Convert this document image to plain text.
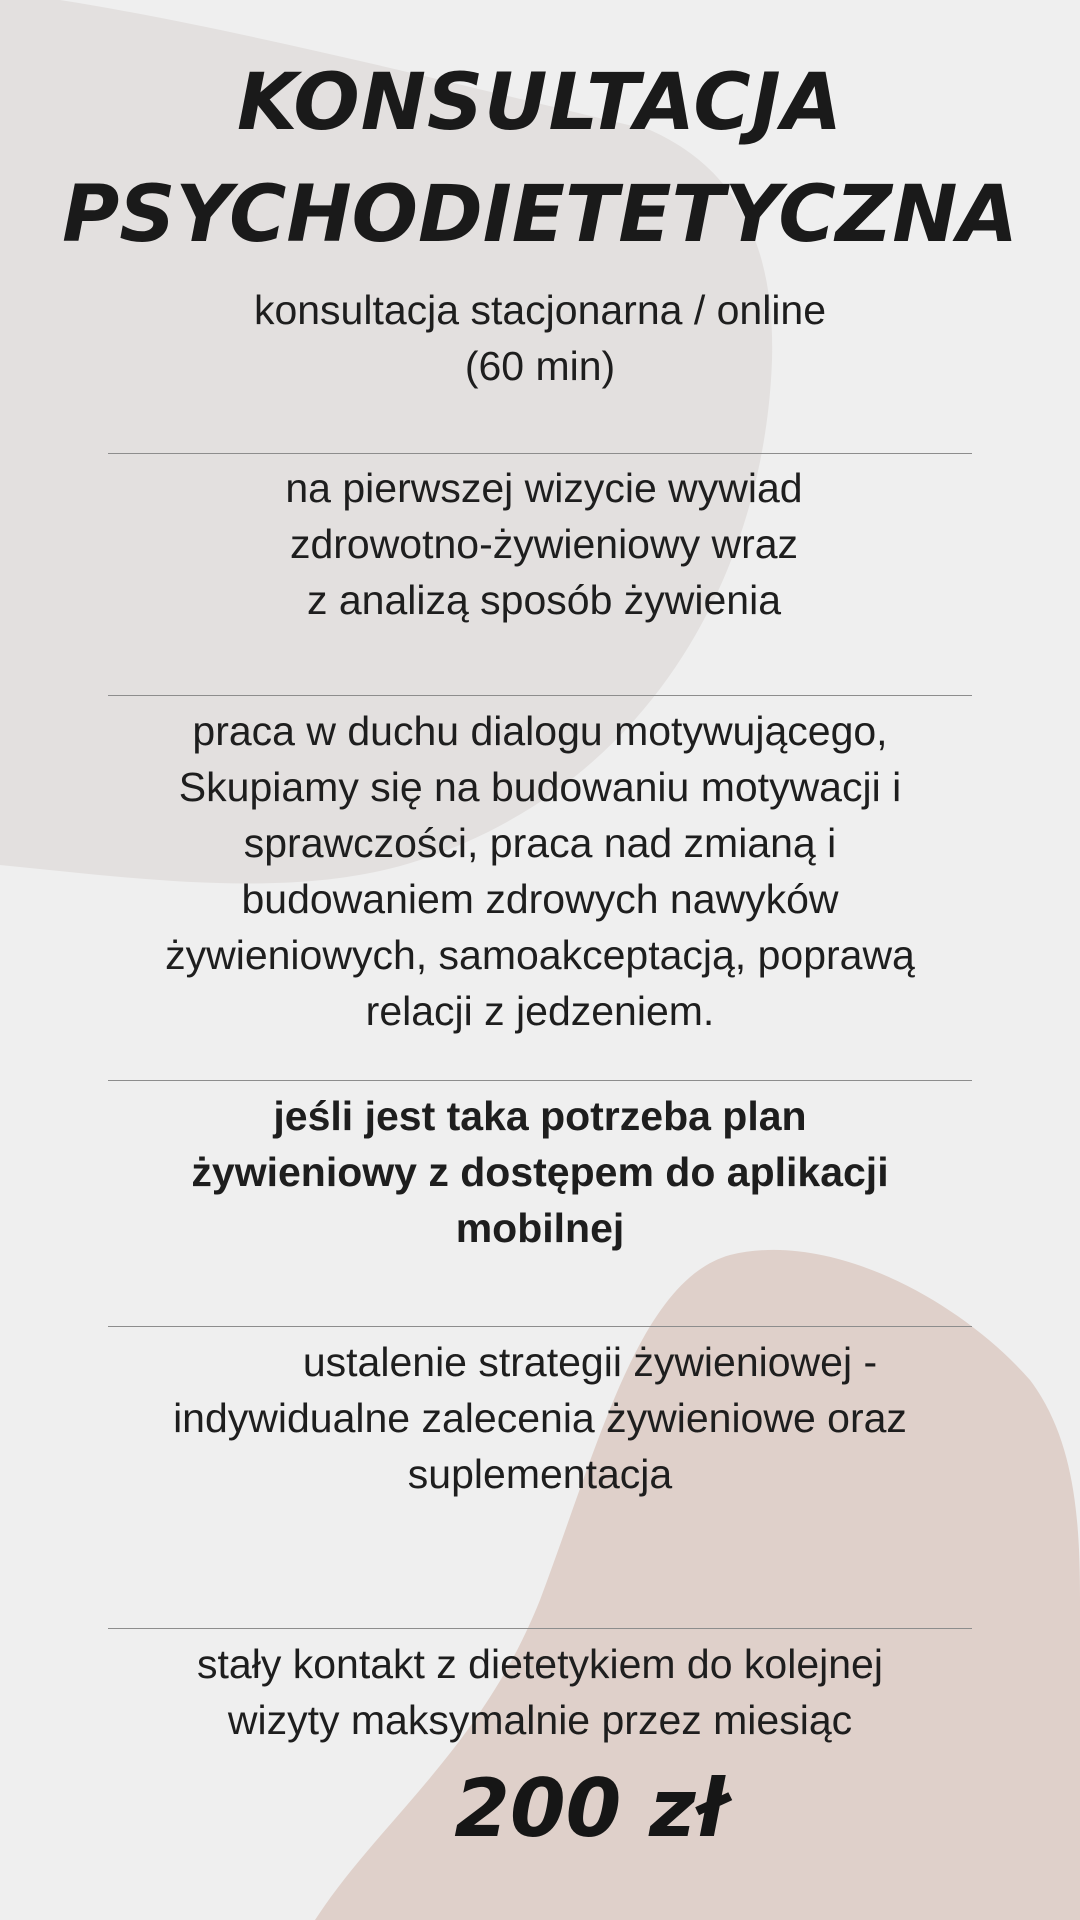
KONSULTACJA
PSYCHODIETETYCZNA

konsultacja stacjonarna / online

(60 min)

na pierwszej wizycie wywiad
zdrowotno-żywieniowy wraz
z analizą sposób żywienia

praca w duchu dialogu motywującego,
Skupiamy się na budowaniu motywacji i
sprawczości, praca nad zmianą i
budowaniem zdrowych nawyków
żywieniowych, samoakceptacją, poprawą
relacji z jedzeniem.

jeśli jest taka potrzeba plan
żywieniowy z dostępem do aplikacji
mobilnej

ustalenie strategii żywieniowej -
indywidualne zalecenia żywieniowe oraz
suplementacja

stały kontakt z dietetykiem do kolejnej
wizyty maksymalnie przez miesiąc

200 zł
